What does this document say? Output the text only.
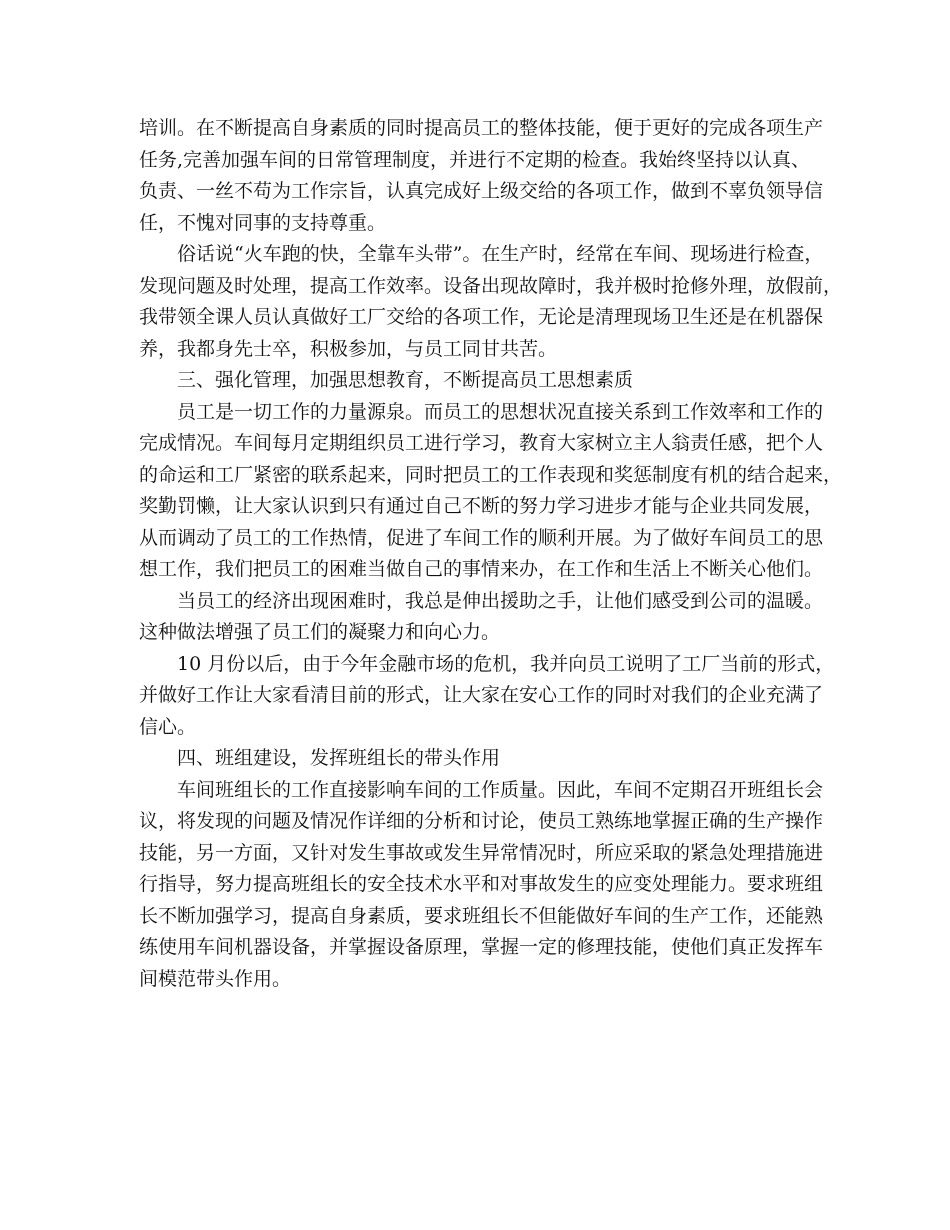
培训。在不断提高自身素质的同时提高员工的整体技能，便于更好的完成各项生产
任务,完善加强车间的日常管理制度，并进行不定期的检查。我始终坚持以认真、
负责、一丝不苟为工作宗旨，认真完成好上级交给的各项工作，做到不辜负领导信
任，不愧对同事的支持尊重。
俗话说“火车跑的快，全靠车头带”。在生产时，经常在车间、现场进行检查，
发现问题及时处理，提高工作效率。设备出现故障时，我并极时抢修外理，放假前，
我带领全课人员认真做好工厂交给的各项工作，无论是清理现场卫生还是在机器保
养，我都身先士卒，积极参加，与员工同甘共苦。
三、强化管理，加强思想教育，不断提高员工思想素质
员工是一切工作的力量源泉。而员工的思想状况直接关系到工作效率和工作的
完成情况。车间每月定期组织员工进行学习，教育大家树立主人翁责任感，把个人
的命运和工厂紧密的联系起来，同时把员工的工作表现和奖惩制度有机的结合起来，
奖勤罚懒，让大家认识到只有通过自己不断的努力学习进步才能与企业共同发展，
从而调动了员工的工作热情，促进了车间工作的顺利开展。为了做好车间员工的思
想工作，我们把员工的困难当做自己的事情来办，在工作和生活上不断关心他们。
当员工的经济出现困难时，我总是伸出援助之手，让他们感受到公司的温暖。
这种做法增强了员工们的凝聚力和向心力。
10 月份以后，由于今年金融市场的危机，我并向员工说明了工厂当前的形式，
并做好工作让大家看清目前的形式，让大家在安心工作的同时对我们的企业充满了
信心。
四、班组建设，发挥班组长的带头作用
车间班组长的工作直接影响车间的工作质量。因此，车间不定期召开班组长会
议，将发现的问题及情况作详细的分析和讨论，使员工熟练地掌握正确的生产操作
技能，另一方面，又针对发生事故或发生异常情况时，所应采取的紧急处理措施进
行指导，努力提高班组长的安全技术水平和对事故发生的应变处理能力。要求班组
长不断加强学习，提高自身素质，要求班组长不但能做好车间的生产工作，还能熟
练使用车间机器设备，并掌握设备原理，掌握一定的修理技能，使他们真正发挥车
间模范带头作用。
